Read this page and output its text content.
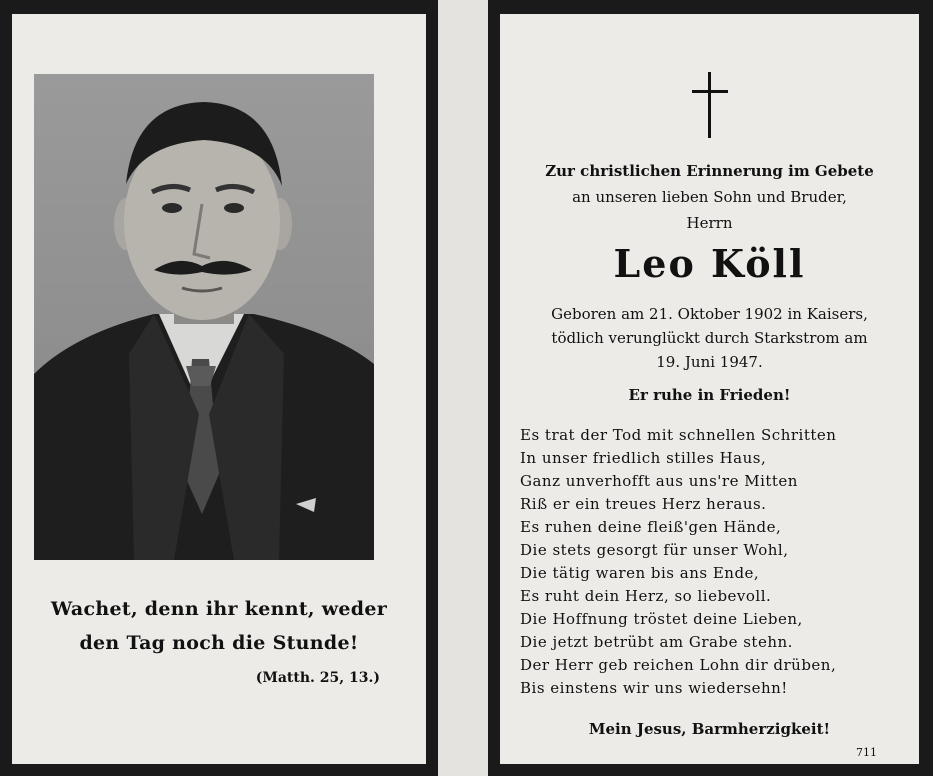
Wachet, denn ihr kennt, weder
den Tag noch die Stunde!
(Matth. 25, 13.)
Zur christlichen Erinnerung im Gebete
an unseren lieben Sohn und Bruder,
Herrn
Leo Köll
Geboren am 21. Oktober 1902 in Kaisers,
tödlich verunglückt durch Starkstrom am
19. Juni 1947.
Er ruhe in Frieden!
Es trat der Tod mit schnellen Schritten
In unser friedlich stilles Haus,
Ganz unverhofft aus uns're Mitten
Riß er ein treues Herz heraus.
Es ruhen deine fleiß'gen Hände,
Die stets gesorgt für unser Wohl,
Die tätig waren bis ans Ende,
Es ruht dein Herz, so liebevoll.
Die Hoffnung tröstet deine Lieben,
Die jetzt betrübt am Grabe stehn.
Der Herr geb reichen Lohn dir drüben,
Bis einstens wir uns wiedersehn!
Mein Jesus, Barmherzigkeit!
711
